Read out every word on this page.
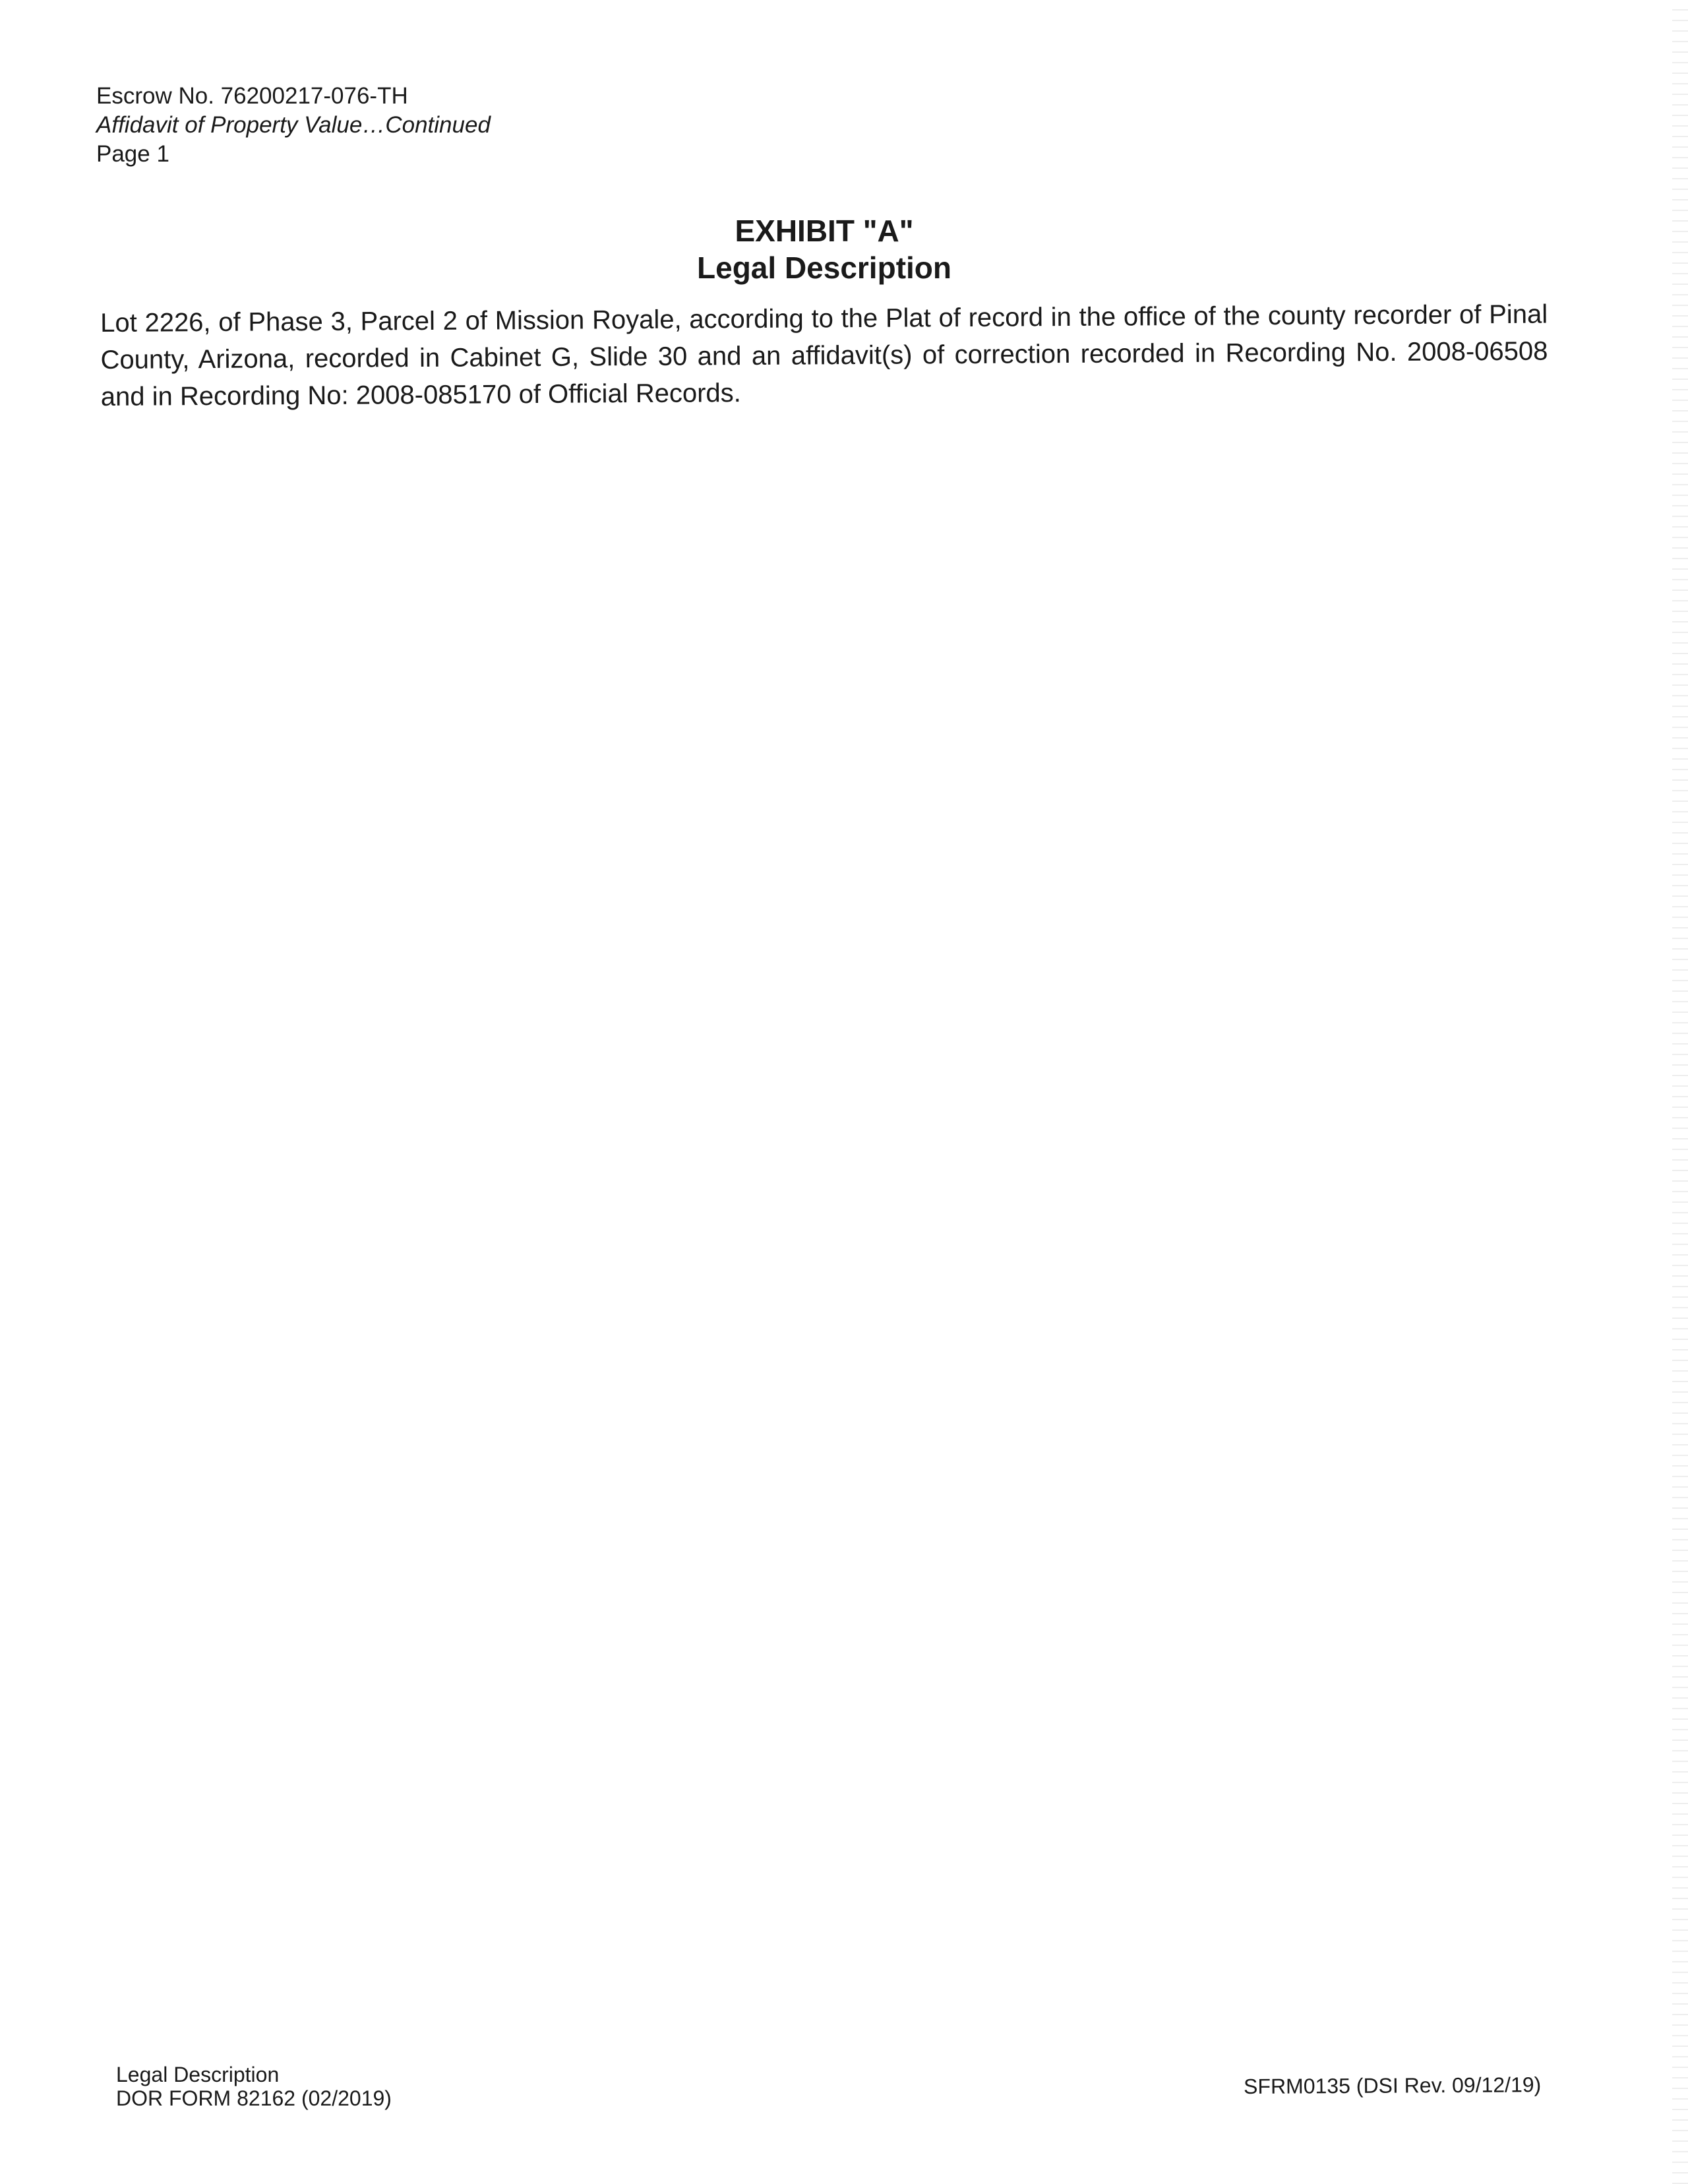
Escrow No. 76200217-076-TH
Affidavit of Property Value…Continued
Page 1
EXHIBIT "A"
Legal Description
Lot 2226, of Phase 3, Parcel 2 of Mission Royale, according to the Plat of record in the office of the county recorder of Pinal County, Arizona, recorded in Cabinet G, Slide 30 and an affidavit(s) of correction recorded in Recording No. 2008-06508 and in Recording No: 2008-085170 of Official Records.
Legal Description
DOR FORM 82162 (02/2019)
SFRM0135 (DSI Rev. 09/12/19)
